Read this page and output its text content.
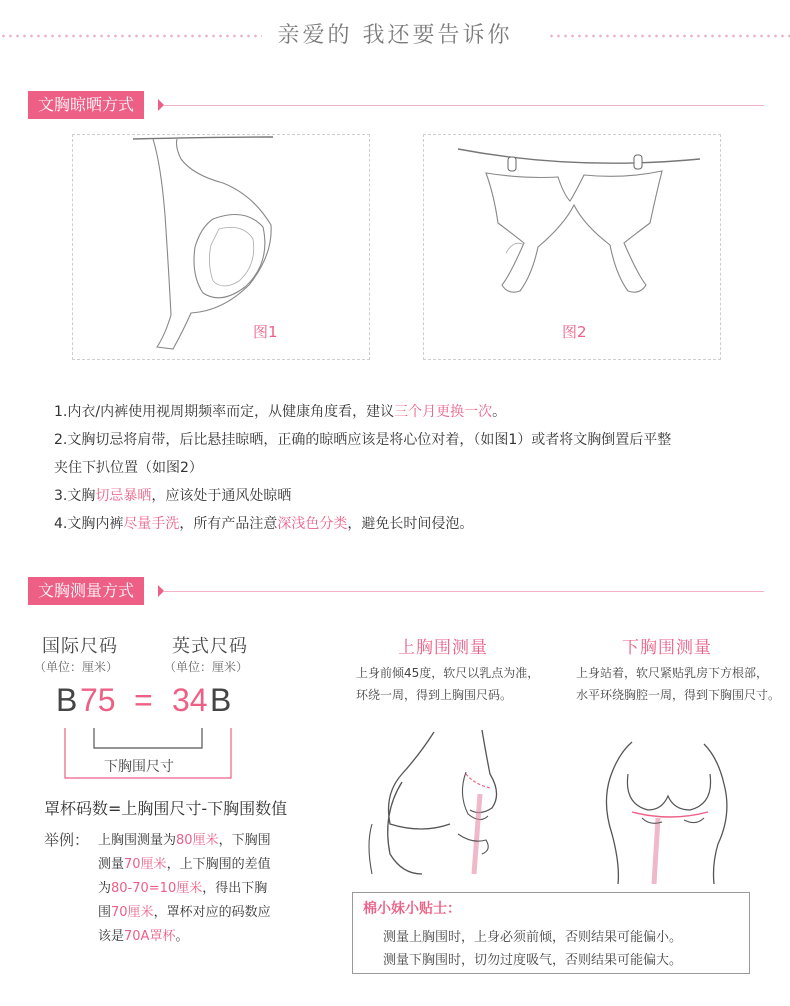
亲爱的 我还要告诉你
文胸晾晒方式
图1	图2
1.内衣/内裤使用视周期频率而定，从健康角度看，建议三个月更换一次。
2.文胸切忌将肩带，后比悬挂晾晒，正确的晾晒应该是将心位对着，（如图1）或者将文胸倒置后平整
夹住下扒位置（如图2）
3.文胸切忌暴晒，应该处于通风处晾晒
4.文胸内裤尽量手洗，所有产品注意深浅色分类，避免长时间侵泡。
文胸测量方式
国际尺码
（单位：厘米）
英式尺码
（单位：厘米）
B 75 = 34 B
下胸围尺寸
罩杯码数=上胸围尺寸-下胸围数值
举例： 上胸围测量为80厘米，下胸围
测量70厘米，上下胸围的差值
为80-70=10厘米，得出下胸
围70厘米，罩杯对应的码数应
该是70A罩杯。
上胸围测量
上身前倾45度，软尺以乳点为准，
环绕一周，得到上胸围尺码。
下胸围测量
上身站着，软尺紧贴乳房下方根部，
水平环绕胸腔一周，得到下胸围尺寸。
棉小妹小贴士：
测量上胸围时，上身必须前倾，否则结果可能偏小。
测量下胸围时，切勿过度吸气，否则结果可能偏大。
